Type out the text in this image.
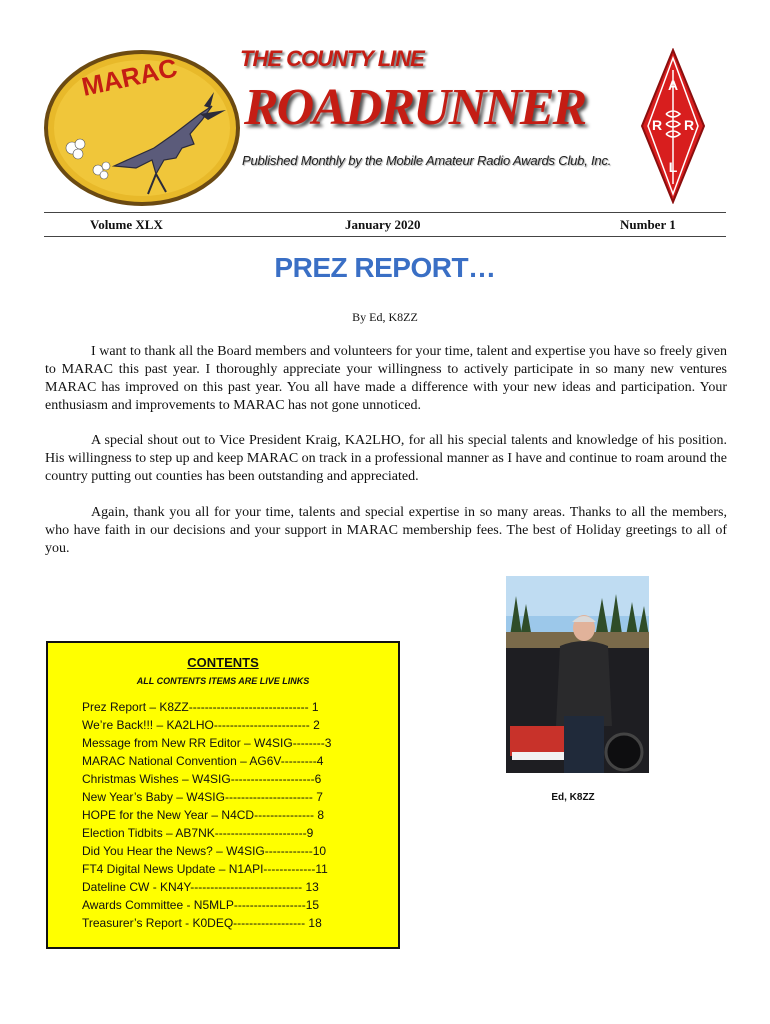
MARAC	THE COUNTY LINE
ROADRUNNER
Published Monthly by the Mobile Amateur Radio Awards Club, Inc.
A
R R
L
Volume XLX	January 2020	Number 1
PREZ REPORT…
By Ed, K8ZZ

I want to thank all the Board members and volunteers for your time, talent and expertise you have so freely given to MARAC this past year. I thoroughly appreciate your willingness to actively participate in so many new ventures MARAC has improved on this past year. You all have made a difference with your new ideas and participation. Your enthusiasm and improvements to MARAC has not gone unnoticed.

A special shout out to Vice President Kraig, KA2LHO, for all his special talents and knowledge of his position. His willingness to step up and keep MARAC on track in a professional manner as I have and continue to roam around the country putting out counties has been outstanding and appreciated.

Again, thank you all for your time, talents and special expertise in so many areas. Thanks to all the members, who have faith in our decisions and your support in MARAC membership fees. The best of Holiday greetings to all of you.

CONTENTS
ALL CONTENTS ITEMS ARE LIVE LINKS
Prez Report – K8ZZ------------------------------ 1
We’re Back!!! – KA2LHO------------------------ 2
Message from New RR Editor – W4SIG--------3
MARAC National Convention – AG6V---------4
Christmas Wishes – W4SIG---------------------6
New Year’s Baby – W4SIG---------------------- 7
HOPE for the New Year – N4CD--------------- 8
Election Tidbits – AB7NK-----------------------9
Did You Hear the News? – W4SIG------------10
FT4 Digital News Update – N1API-------------11
Dateline CW - KN4Y---------------------------- 13
Awards Committee - N5MLP------------------15
Treasurer’s Report - K0DEQ------------------ 18
Ed, K8ZZ
